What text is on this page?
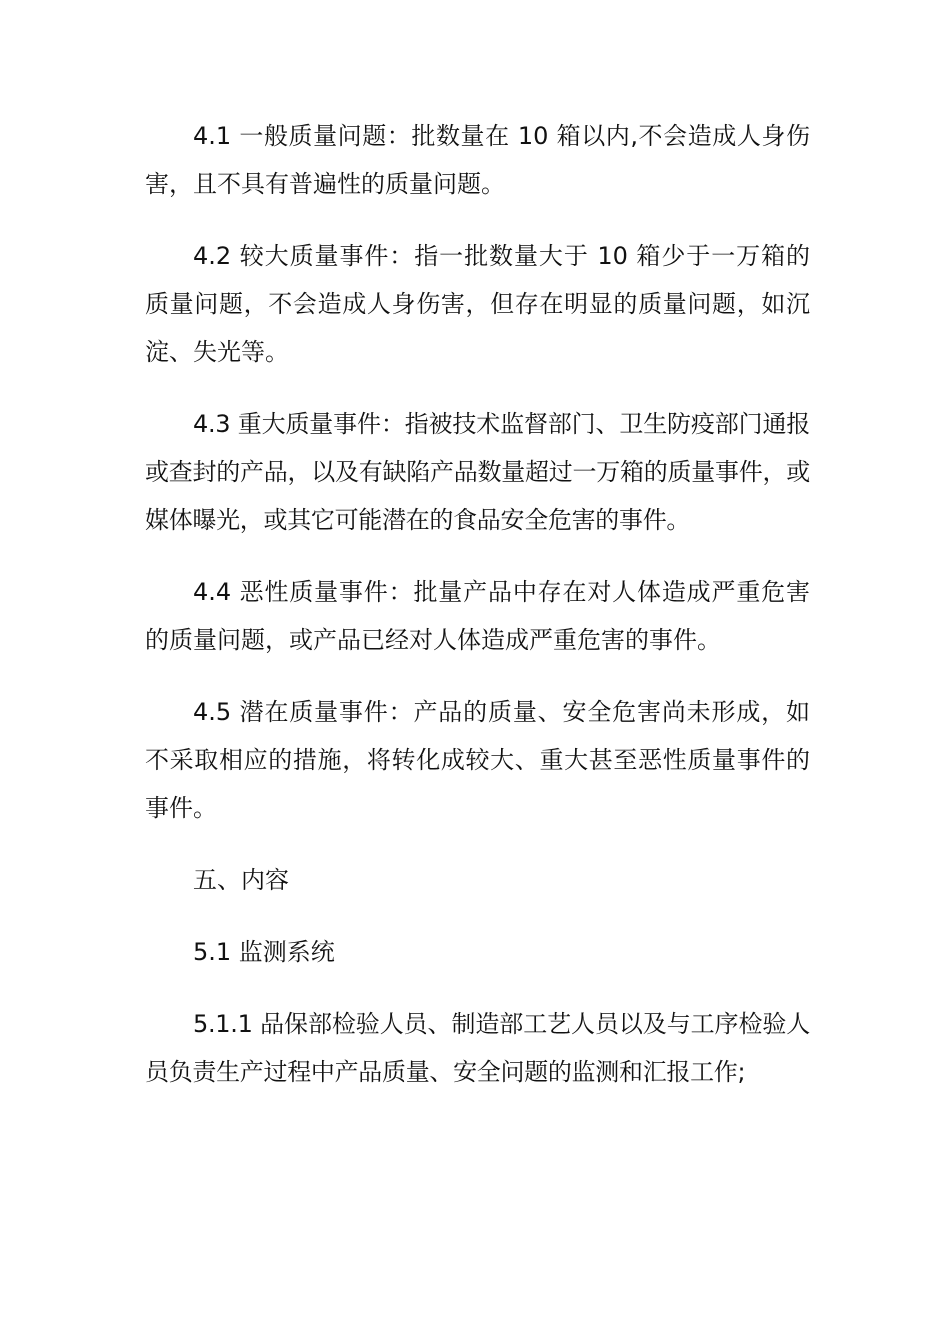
4.1 一般质量问题：批数量在 10 箱以内,不会造成人身伤害，且不具有普遍性的质量问题。

4.2 较大质量事件：指一批数量大于 10 箱少于一万箱的质量问题，不会造成人身伤害，但存在明显的质量问题，如沉淀、失光等。

4.3 重大质量事件：指被技术监督部门、卫生防疫部门通报或查封的产品，以及有缺陷产品数量超过一万箱的质量事件，或媒体曝光，或其它可能潜在的食品安全危害的事件。

4.4 恶性质量事件：批量产品中存在对人体造成严重危害的质量问题，或产品已经对人体造成严重危害的事件。

4.5 潜在质量事件：产品的质量、安全危害尚未形成，如不采取相应的措施，将转化成较大、重大甚至恶性质量事件的事件。

五、内容

5.1 监测系统

5.1.1 品保部检验人员、制造部工艺人员以及与工序检验人员负责生产过程中产品质量、安全问题的监测和汇报工作;
